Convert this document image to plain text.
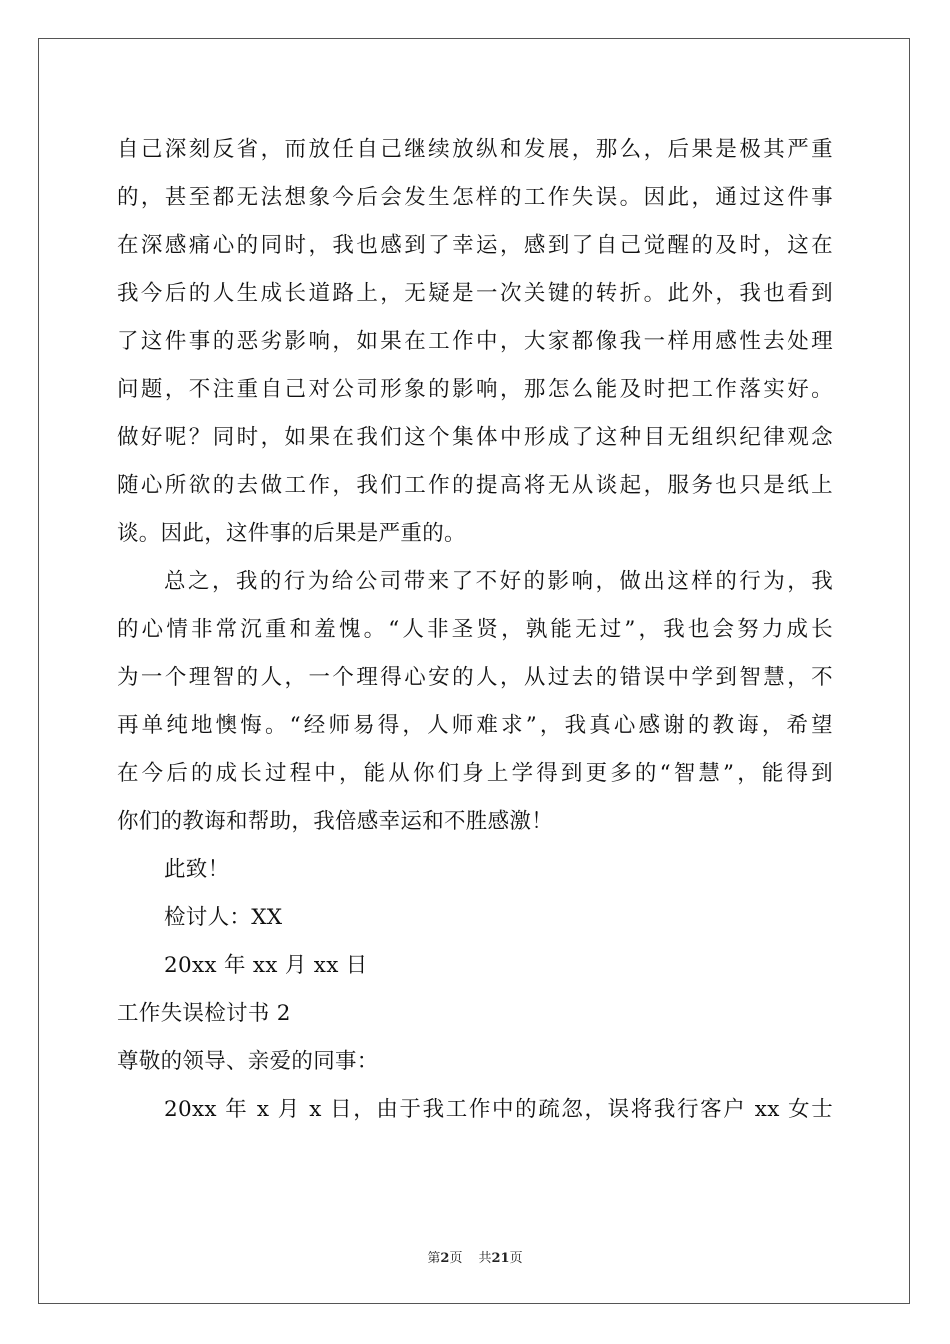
自己深刻反省，而放任自己继续放纵和发展，那么，后果是极其严重
的，甚至都无法想象今后会发生怎样的工作失误。因此，通过这件事
在深感痛心的同时，我也感到了幸运，感到了自己觉醒的及时，这在
我今后的人生成长道路上，无疑是一次关键的转折。此外，我也看到
了这件事的恶劣影响，如果在工作中，大家都像我一样用感性去处理
问题，不注重自己对公司形象的影响，那怎么能及时把工作落实好。
做好呢？同时，如果在我们这个集体中形成了这种目无组织纪律观念
随心所欲的去做工作，我们工作的提高将无从谈起，服务也只是纸上
谈。因此，这件事的后果是严重的。
总之，我的行为给公司带来了不好的影响，做出这样的行为，我
的心情非常沉重和羞愧。“人非圣贤，孰能无过”，我也会努力成长
为一个理智的人，一个理得心安的人，从过去的错误中学到智慧，不
再单纯地懊悔。“经师易得，人师难求”，我真心感谢的教诲，希望
在今后的成长过程中，能从你们身上学得到更多的“智慧”，能得到
你们的教诲和帮助，我倍感幸运和不胜感激！
此致！
检讨人：XX
20xx 年 xx 月 xx 日
工作失误检讨书 2
尊敬的领导、亲爱的同事：
20xx 年 x 月 x 日，由于我工作中的疏忽，误将我行客户 xx 女士
第2页 共21页
